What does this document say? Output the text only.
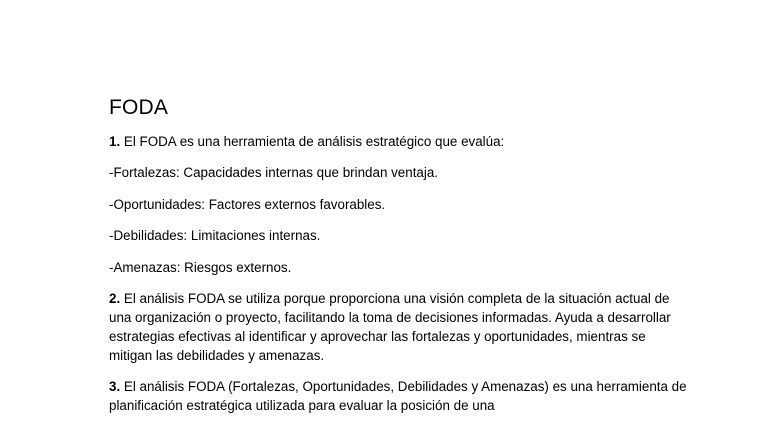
FODA

1. El FODA es una herramienta de análisis estratégico que evalúa:

-Fortalezas: Capacidades internas que brindan ventaja.
-Oportunidades: Factores externos favorables.
-Debilidades: Limitaciones internas.
-Amenazas: Riesgos externos.

2. El análisis FODA se utiliza porque proporciona una visión completa de la situación actual de una organización o proyecto, facilitando la toma de decisiones informadas. Ayuda a desarrollar estrategias efectivas al identificar y aprovechar las fortalezas y oportunidades, mientras se mitigan las debilidades y amenazas.

3. El análisis FODA (Fortalezas, Oportunidades, Debilidades y Amenazas) es una herramienta de planificación estratégica utilizada para evaluar la posición de una
